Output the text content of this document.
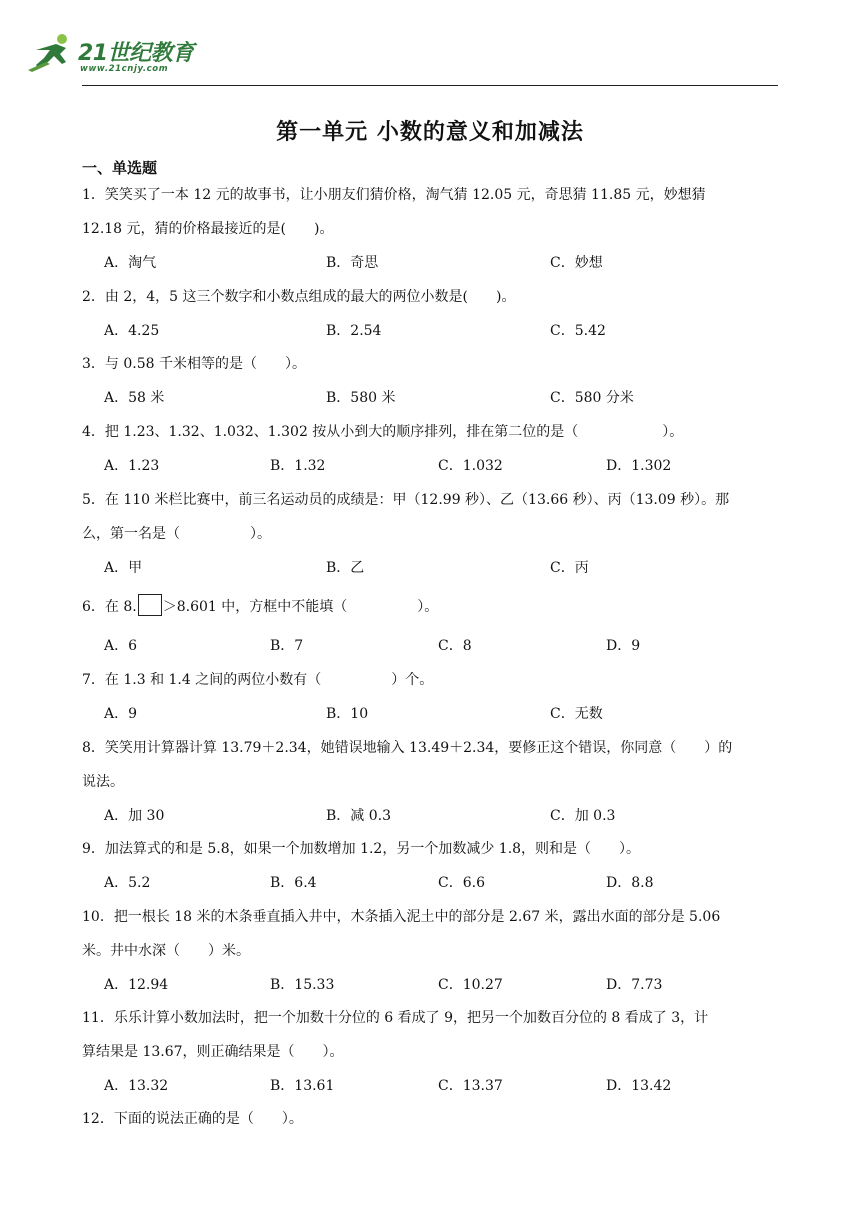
21世纪教育
www.21cnjy.com
第一单元 小数的意义和加减法
一、单选题
1．笑笑买了一本 12 元的故事书，让小朋友们猜价格，淘气猜 12.05 元，奇思猜 11.85 元，妙想猜
12.18 元，猜的价格最接近的是(　　)。
A．淘气	B．奇思	C．妙想
2．由 2，4，5 这三个数字和小数点组成的最大的两位小数是(　　)。
A．4.25	B．2.54	C．5.42
3．与 0.58 千米相等的是（　　）。
A．58 米	B．580 米	C．580 分米
4．把 1.23、1.32、1.032、1.302 按从小到大的顺序排列，排在第二位的是（　　　　　　）。
A．1.23	B．1.32	C．1.032	D．1.302
5．在 110 米栏比赛中，前三名运动员的成绩是：甲（12.99 秒）、乙（13.66 秒）、丙（13.09 秒）。那
么，第一名是（　　　　　）。
A．甲	B．乙	C．丙
6．在 8. ＞8.601 中，方框中不能填（　　　　　）。
A．6	B．7	C．8	D．9
7．在 1.3 和 1.4 之间的两位小数有（　　　　　）个。
A．9	B．10	C．无数
8．笑笑用计算器计算 13.79＋2.34，她错误地输入 13.49＋2.34，要修正这个错误，你同意（　　）的
说法。
A．加 30	B．减 0.3	C．加 0.3
9．加法算式的和是 5.8，如果一个加数增加 1.2，另一个加数减少 1.8，则和是（　　）。
A．5.2	B．6.4	C．6.6	D．8.8
10．把一根长 18 米的木条垂直插入井中，木条插入泥土中的部分是 2.67 米，露出水面的部分是 5.06
米。井中水深（　　）米。
A．12.94	B．15.33	C．10.27	D．7.73
11．乐乐计算小数加法时，把一个加数十分位的 6 看成了 9，把另一个加数百分位的 8 看成了 3，计
算结果是 13.67，则正确结果是（　　）。
A．13.32	B．13.61	C．13.37	D．13.42
12．下面的说法正确的是（　　）。
